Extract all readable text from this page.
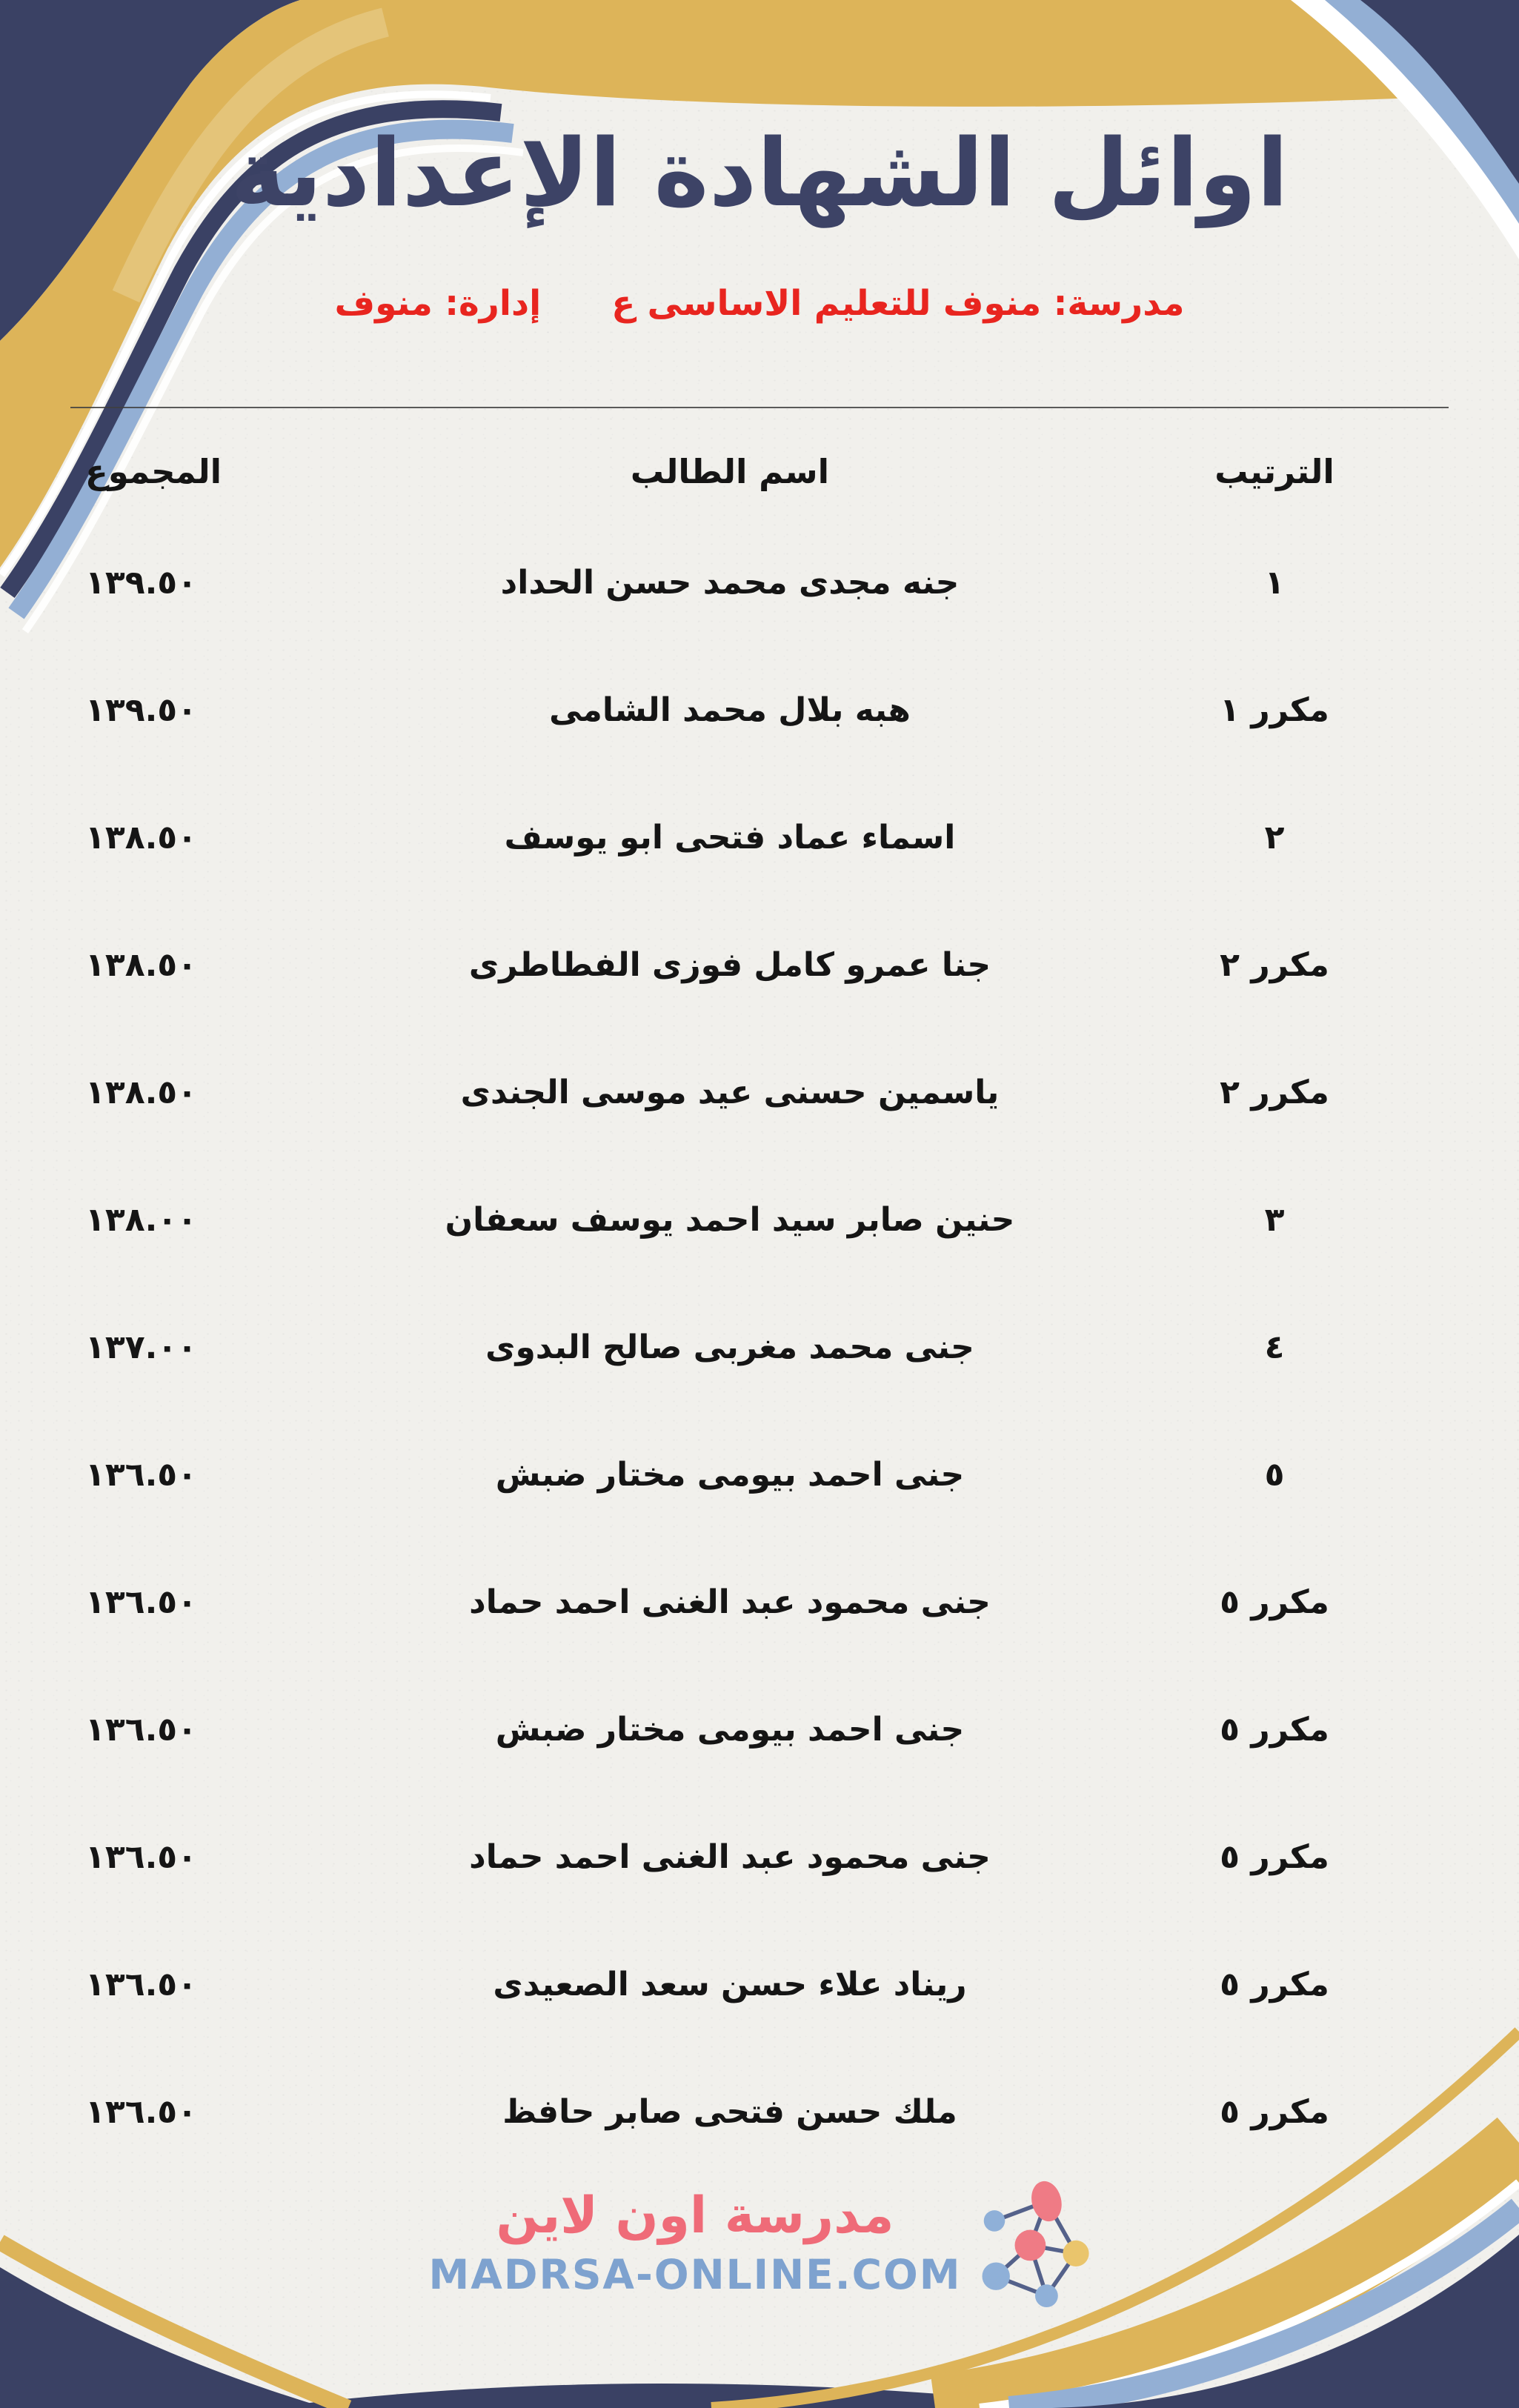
اوائل الشهادة الإعدادية
مدرسة: منوف للتعليم الاساسى ع
إدارة: منوف
الترتيب
اسم الطالب
المجموع
١
جنه مجدى محمد حسن الحداد
١٣٩.٥٠
مكرر ١
هبه بلال محمد الشامى
١٣٩.٥٠
٢
اسماء عماد فتحى ابو يوسف
١٣٨.٥٠
مكرر ٢
جنا عمرو كامل فوزى الفطاطرى
١٣٨.٥٠
مكرر ٢
ياسمين حسنى عيد موسى الجندى
١٣٨.٥٠
٣
حنين صابر سيد احمد يوسف سعفان
١٣٨.٠٠
٤
جنى محمد مغربى صالح البدوى
١٣٧.٠٠
٥
جنى احمد بيومى مختار ضبش
١٣٦.٥٠
مكرر ٥
جنى محمود عبد الغنى احمد حماد
١٣٦.٥٠
مكرر ٥
جنى احمد بيومى مختار ضبش
١٣٦.٥٠
مكرر ٥
جنى محمود عبد الغنى احمد حماد
١٣٦.٥٠
مكرر ٥
ريناد علاء حسن سعد الصعيدى
١٣٦.٥٠
مكرر ٥
ملك حسن فتحى صابر حافظ
١٣٦.٥٠
مدرسة اون لاين
MADRSA-ONLINE.COM
